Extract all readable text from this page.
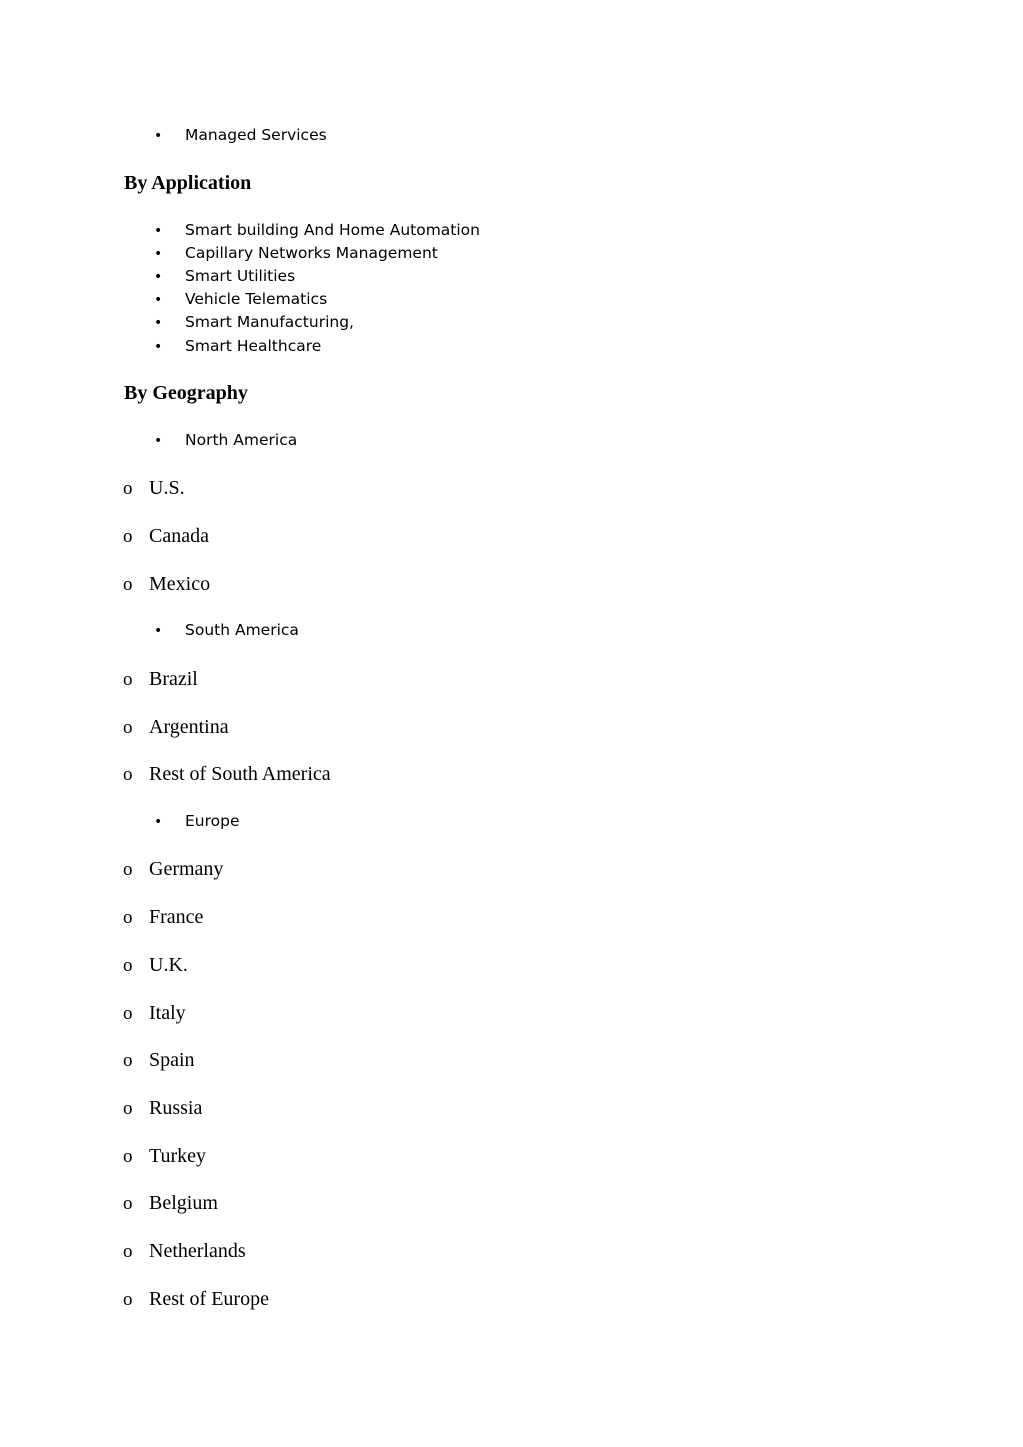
• Managed Services
By Application
• Smart building And Home Automation
• Capillary Networks Management
• Smart Utilities
• Vehicle Telematics
• Smart Manufacturing,
• Smart Healthcare
By Geography
• North America
o U.S.
o Canada
o Mexico
• South America
o Brazil
o Argentina
o Rest of South America
• Europe
o Germany
o France
o U.K.
o Italy
o Spain
o Russia
o Turkey
o Belgium
o Netherlands
o Rest of Europe
